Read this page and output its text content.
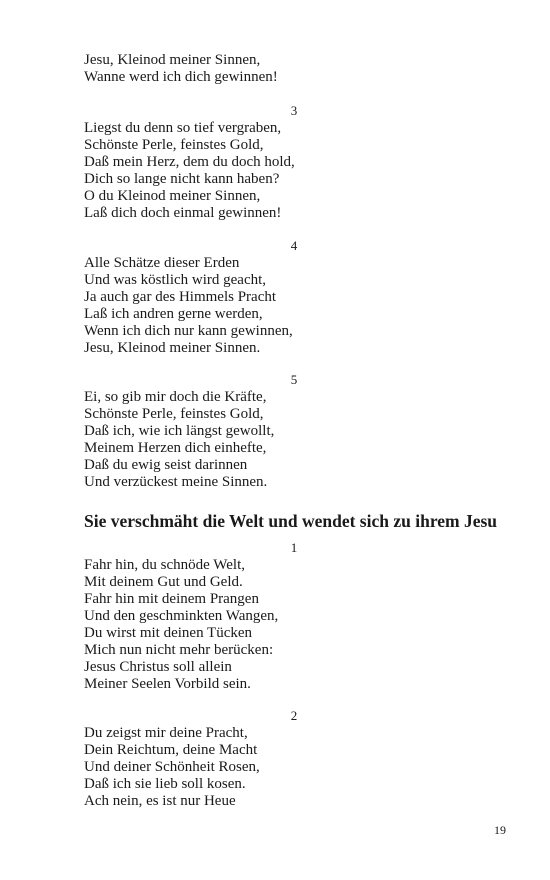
Jesu, Kleinod meiner Sinnen,
Wanne werd ich dich gewinnen!
3
Liegst du denn so tief vergraben,
Schönste Perle, feinstes Gold,
Daß mein Herz, dem du doch hold,
Dich so lange nicht kann haben?
O du Kleinod meiner Sinnen,
Laß dich doch einmal gewinnen!
4
Alle Schätze dieser Erden
Und was köstlich wird geacht,
Ja auch gar des Himmels Pracht
Laß ich andren gerne werden,
Wenn ich dich nur kann gewinnen,
Jesu, Kleinod meiner Sinnen.
5
Ei, so gib mir doch die Kräfte,
Schönste Perle, feinstes Gold,
Daß ich, wie ich längst gewollt,
Meinem Herzen dich einhefte,
Daß du ewig seist darinnen
Und verzückest meine Sinnen.
Sie verschmäht die Welt und wendet sich zu ihrem Jesu
1
Fahr hin, du schnöde Welt,
Mit deinem Gut und Geld.
Fahr hin mit deinem Prangen
Und den geschminkten Wangen,
Du wirst mit deinen Tücken
Mich nun nicht mehr berücken:
Jesus Christus soll allein
Meiner Seelen Vorbild sein.
2
Du zeigst mir deine Pracht,
Dein Reichtum, deine Macht
Und deiner Schönheit Rosen,
Daß ich sie lieb soll kosen.
Ach nein, es ist nur Heue
19
